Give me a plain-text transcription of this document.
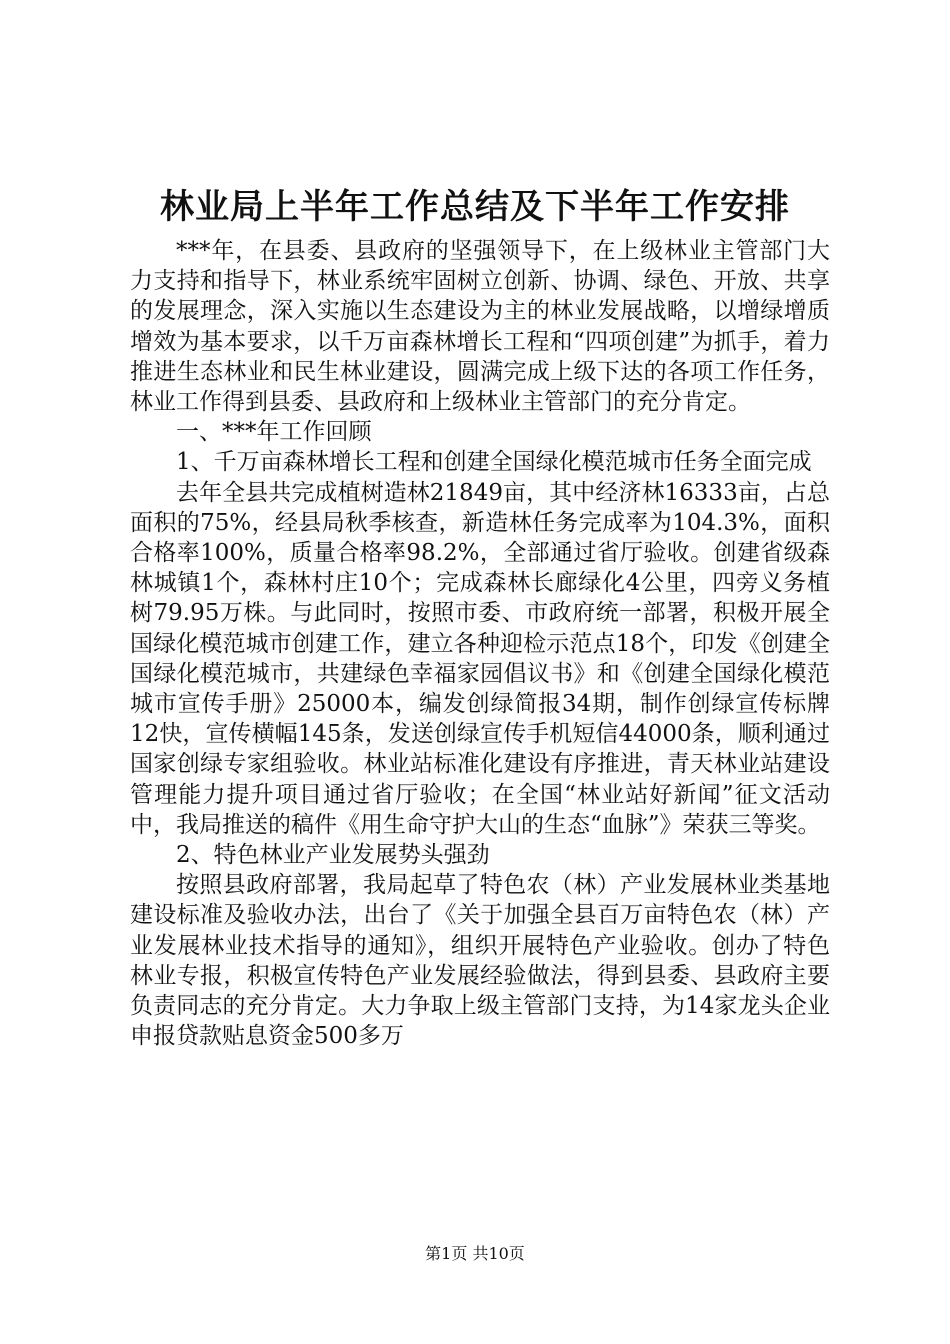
林业局上半年工作总结及下半年工作安排

***年，在县委、县政府的坚强领导下，在上级林业主管部门大力支持和指导下，林业系统牢固树立创新、协调、绿色、开放、共享的发展理念，深入实施以生态建设为主的林业发展战略，以增绿增质增效为基本要求，以千万亩森林增长工程和“四项创建”为抓手，着力推进生态林业和民生林业建设，圆满完成上级下达的各项工作任务，林业工作得到县委、县政府和上级林业主管部门的充分肯定。

一、***年工作回顾

1、千万亩森林增长工程和创建全国绿化模范城市任务全面完成

去年全县共完成植树造林21849亩，其中经济林16333亩，占总面积的75%，经县局秋季核查，新造林任务完成率为104.3%，面积合格率100%，质量合格率98.2%，全部通过省厅验收。创建省级森林城镇1个，森林村庄10个；完成森林长廊绿化4公里，四旁义务植树79.95万株。与此同时，按照市委、市政府统一部署，积极开展全国绿化模范城市创建工作，建立各种迎检示范点18个，印发《创建全国绿化模范城市，共建绿色幸福家园倡议书》和《创建全国绿化模范城市宣传手册》25000本，编发创绿简报34期，制作创绿宣传标牌12快，宣传横幅145条，发送创绿宣传手机短信44000条，顺利通过国家创绿专家组验收。林业站标准化建设有序推进，青天林业站建设管理能力提升项目通过省厅验收；在全国“林业站好新闻”征文活动中，我局推送的稿件《用生命守护大山的生态“血脉”》荣获三等奖。

2、特色林业产业发展势头强劲

按照县政府部署，我局起草了特色农（林）产业发展林业类基地建设标准及验收办法，出台了《关于加强全县百万亩特色农（林）产业发展林业技术指导的通知》，组织开展特色产业验收。创办了特色林业专报，积极宣传特色产业发展经验做法，得到县委、县政府主要负责同志的充分肯定。大力争取上级主管部门支持，为14家龙头企业申报贷款贴息资金500多万

第1页 共10页
